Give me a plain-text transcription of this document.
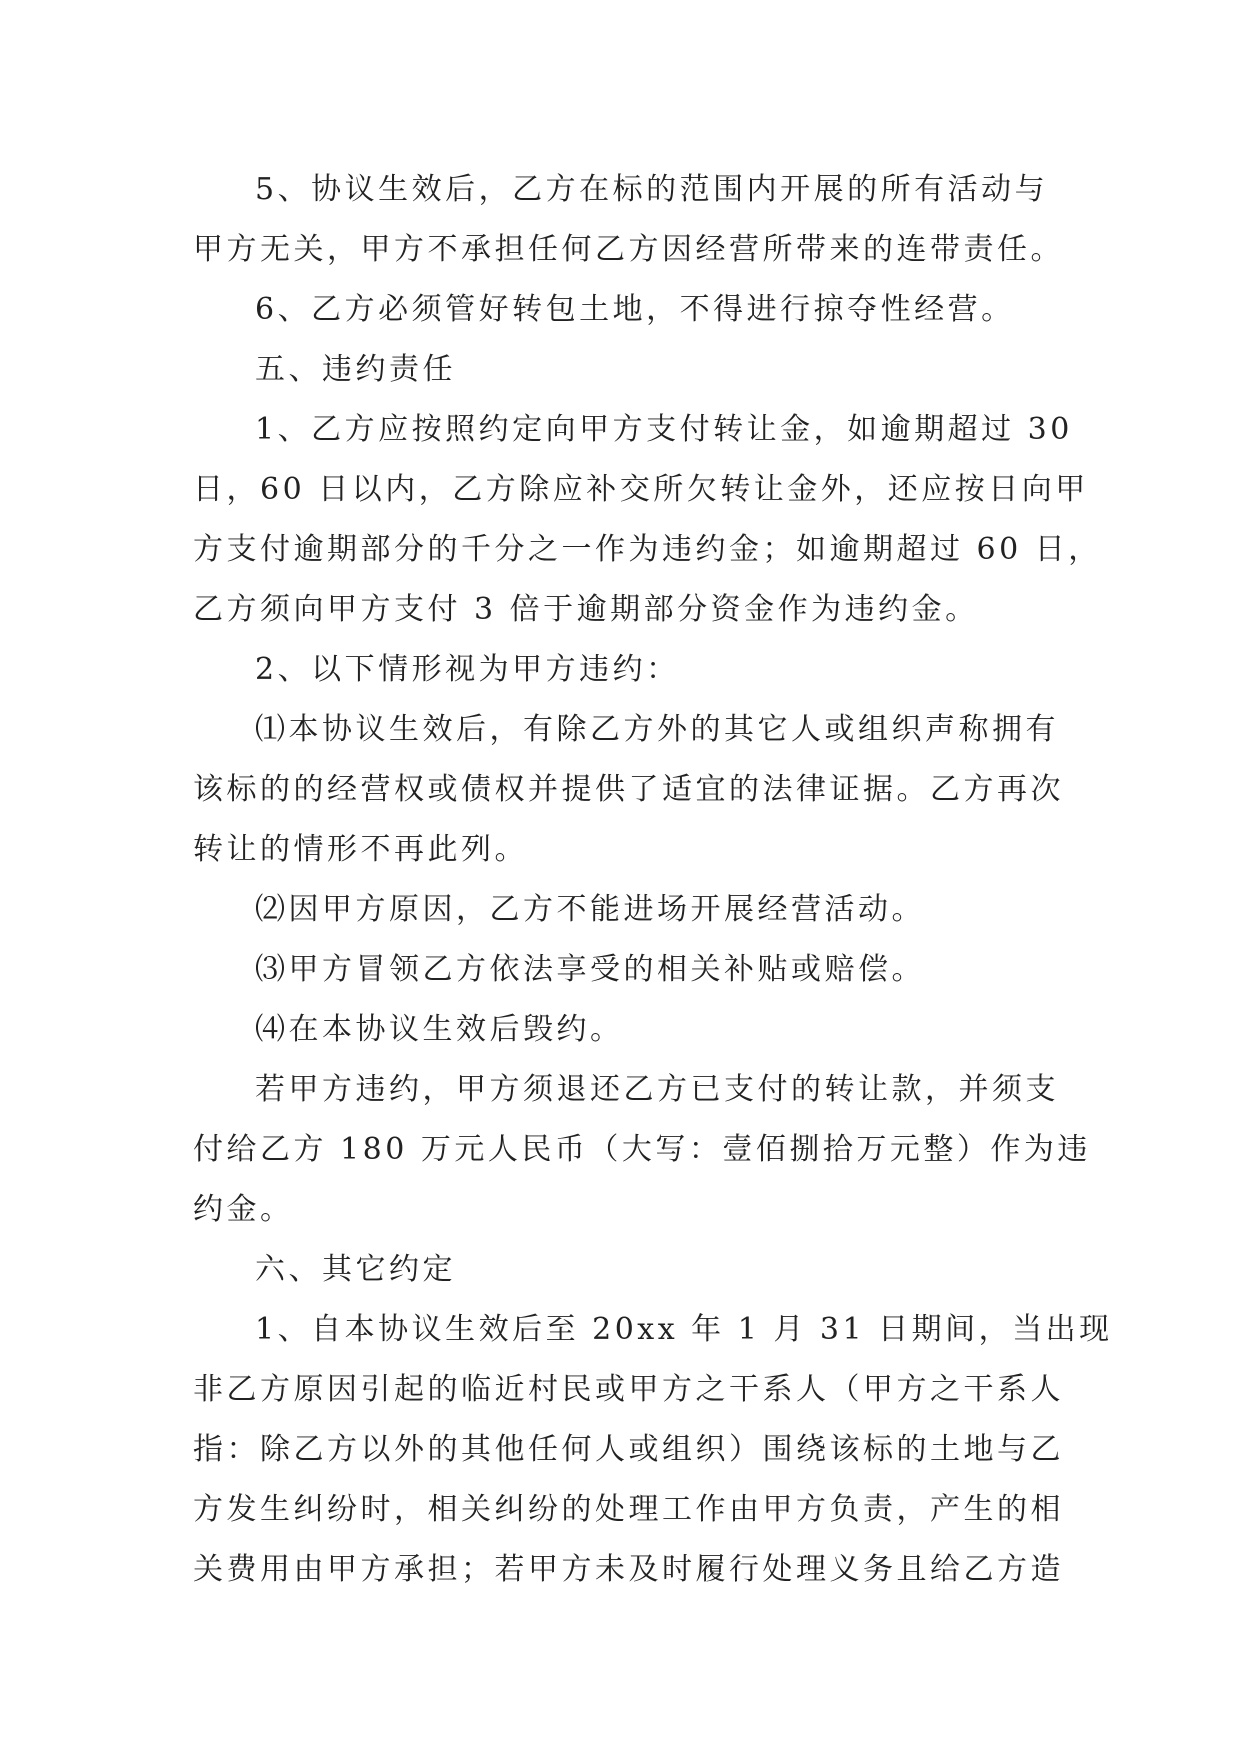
5、协议生效后，乙方在标的范围内开展的所有活动与
甲方无关，甲方不承担任何乙方因经营所带来的连带责任。

6、乙方必须管好转包土地，不得进行掠夺性经营。

五、违约责任

1、乙方应按照约定向甲方支付转让金，如逾期超过 30
日，60 日以内，乙方除应补交所欠转让金外，还应按日向甲
方支付逾期部分的千分之一作为违约金；如逾期超过 60 日，
乙方须向甲方支付 3 倍于逾期部分资金作为违约金。

2、以下情形视为甲方违约：

⑴本协议生效后，有除乙方外的其它人或组织声称拥有
该标的的经营权或债权并提供了适宜的法律证据。乙方再次
转让的情形不再此列。

⑵因甲方原因，乙方不能进场开展经营活动。

⑶甲方冒领乙方依法享受的相关补贴或赔偿。

⑷在本协议生效后毁约。

若甲方违约，甲方须退还乙方已支付的转让款，并须支
付给乙方 180 万元人民币（大写：壹佰捌拾万元整）作为违
约金。

六、其它约定

1、自本协议生效后至 20xx 年 1 月 31 日期间，当出现
非乙方原因引起的临近村民或甲方之干系人（甲方之干系人
指：除乙方以外的其他任何人或组织）围绕该标的土地与乙
方发生纠纷时，相关纠纷的处理工作由甲方负责，产生的相
关费用由甲方承担；若甲方未及时履行处理义务且给乙方造
